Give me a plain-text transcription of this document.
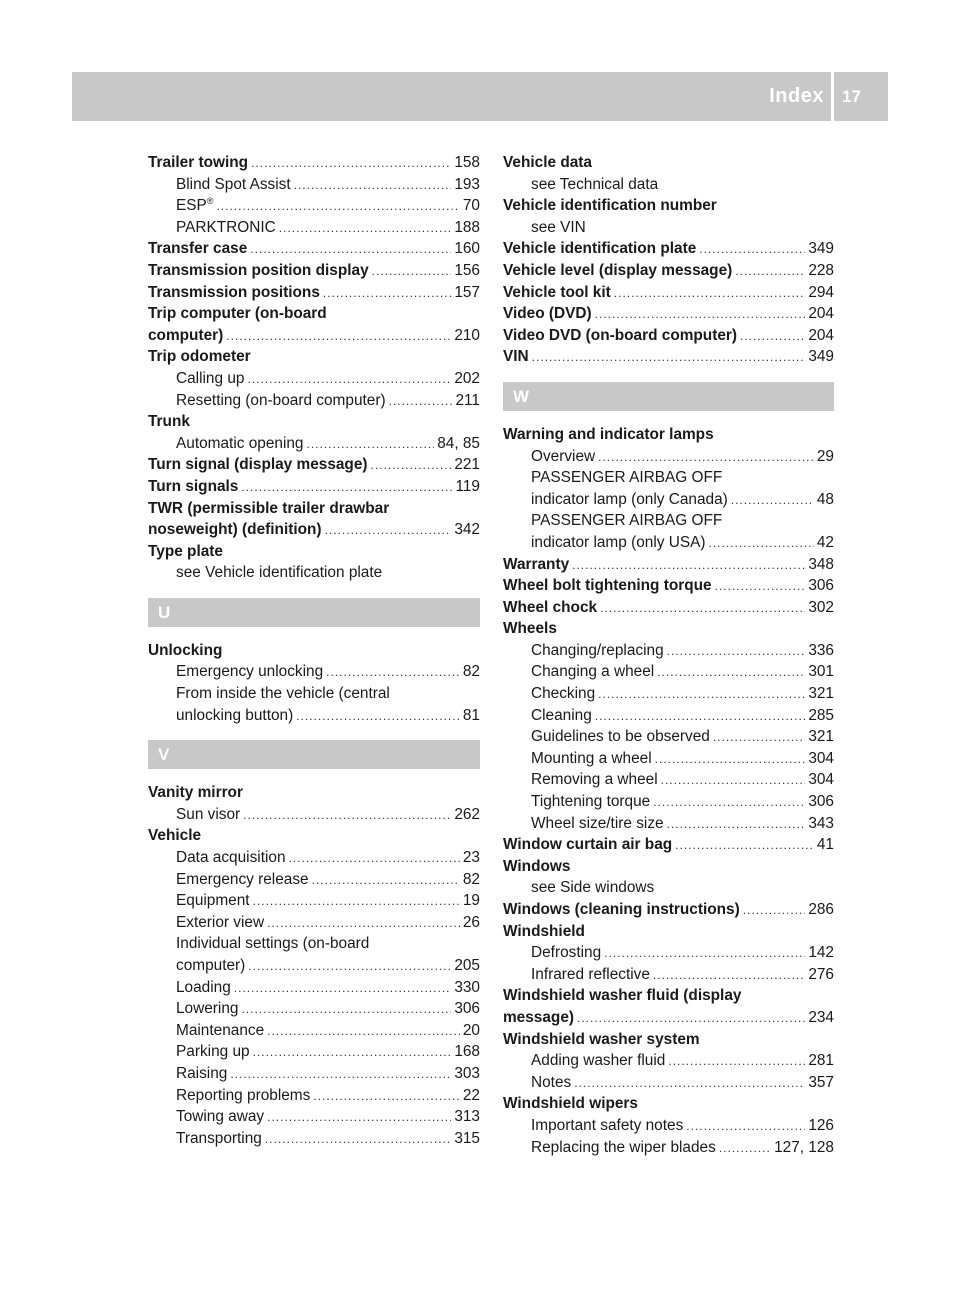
Index 17
Trailer towing .....	158
Blind Spot Assist .....	193
ESP® .....	70
PARKTRONIC .....	188
Transfer case .....	160
Transmission position display .....	156
Transmission positions .....	157
Trip computer (on-board
computer) .....	210
Trip odometer
Calling up .....	202
Resetting (on-board computer) .....	211
Trunk
Automatic opening .....	84, 85
Turn signal (display message) .....	221
Turn signals .....	119
TWR (permissible trailer drawbar
noseweight) (definition) .....	342
Type plate
see Vehicle identification plate
U
Unlocking
Emergency unlocking .....	82
From inside the vehicle (central
unlocking button) .....	81
V
Vanity mirror
Sun visor .....	262
Vehicle
Data acquisition .....	23
Emergency release .....	82
Equipment .....	19
Exterior view .....	26
Individual settings (on-board
computer) .....	205
Loading .....	330
Lowering .....	306
Maintenance .....	20
Parking up .....	168
Raising .....	303
Reporting problems .....	22
Towing away .....	313
Transporting .....	315
Vehicle data
see Technical data
Vehicle identification number
see VIN
Vehicle identification plate .....	349
Vehicle level (display message) .....	228
Vehicle tool kit .....	294
Video (DVD) .....	204
Video DVD (on-board computer) .....	204
VIN .....	349
W
Warning and indicator lamps
Overview .....	29
PASSENGER AIRBAG OFF
indicator lamp (only Canada) .....	48
PASSENGER AIRBAG OFF
indicator lamp (only USA) .....	42
Warranty .....	348
Wheel bolt tightening torque .....	306
Wheel chock .....	302
Wheels
Changing/replacing .....	336
Changing a wheel .....	301
Checking .....	321
Cleaning .....	285
Guidelines to be observed .....	321
Mounting a wheel .....	304
Removing a wheel .....	304
Tightening torque .....	306
Wheel size/tire size .....	343
Window curtain air bag .....	41
Windows
see Side windows
Windows (cleaning instructions) .....	286
Windshield
Defrosting .....	142
Infrared reflective .....	276
Windshield washer fluid (display
message) .....	234
Windshield washer system
Adding washer fluid .....	281
Notes .....	357
Windshield wipers
Important safety notes .....	126
Replacing the wiper blades .....	127, 128
